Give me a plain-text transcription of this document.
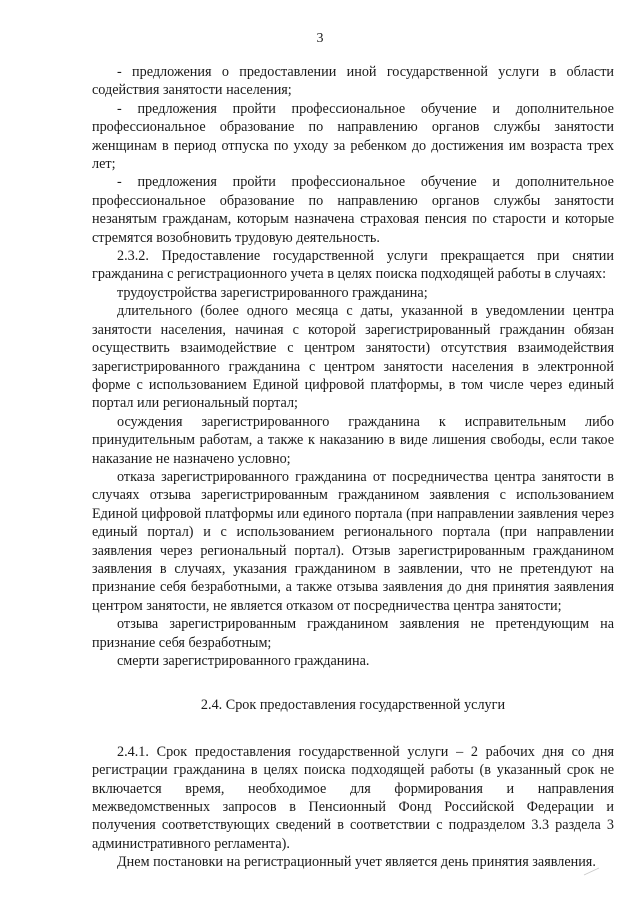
3

- предложения о предоставлении иной государственной услуги в области содействия занятости населения;

- предложения пройти профессиональное обучение и дополнительное профессиональное образование по направлению органов службы занятости женщинам в период отпуска по уходу за ребенком до достижения им возраста трех лет;

- предложения пройти профессиональное обучение и дополнительное профессиональное образование по направлению органов службы занятости незанятым гражданам, которым назначена страховая пенсия по старости и которые стремятся возобновить трудовую деятельность.

2.3.2. Предоставление государственной услуги прекращается при снятии гражданина с регистрационного учета в целях поиска подходящей работы в случаях:

трудоустройства зарегистрированного гражданина;

длительного (более одного месяца с даты, указанной в уведомлении центра занятости населения, начиная с которой зарегистрированный гражданин обязан осуществить взаимодействие с центром занятости) отсутствия взаимодействия зарегистрированного гражданина с центром занятости населения в электронной форме с использованием Единой цифровой платформы, в том числе через единый портал или региональный портал;

осуждения зарегистрированного гражданина к исправительным либо принудительным работам, а также к наказанию в виде лишения свободы, если такое наказание не назначено условно;

отказа зарегистрированного гражданина от посредничества центра занятости в случаях отзыва зарегистрированным гражданином заявления с использованием Единой цифровой платформы или единого портала (при направлении заявления через единый портал) и с использованием регионального портала (при направлении заявления через региональный портал). Отзыв зарегистрированным гражданином заявления в случаях, указания гражданином в заявлении, что не претендуют на признание себя безработными, а также отзыва заявления до дня принятия заявления центром занятости, не является отказом от посредничества центра занятости;

отзыва зарегистрированным гражданином заявления не претендующим на признание себя безработным;

смерти зарегистрированного гражданина.

2.4. Срок предоставления государственной услуги

2.4.1. Срок предоставления государственной услуги – 2 рабочих дня со дня регистрации гражданина в целях поиска подходящей работы (в указанный срок не включается время, необходимое для формирования и направления межведомственных запросов в Пенсионный Фонд Российской Федерации и получения соответствующих сведений в соответствии с подразделом 3.3 раздела 3 административного регламента).

Днем постановки на регистрационный учет является день принятия заявления.
